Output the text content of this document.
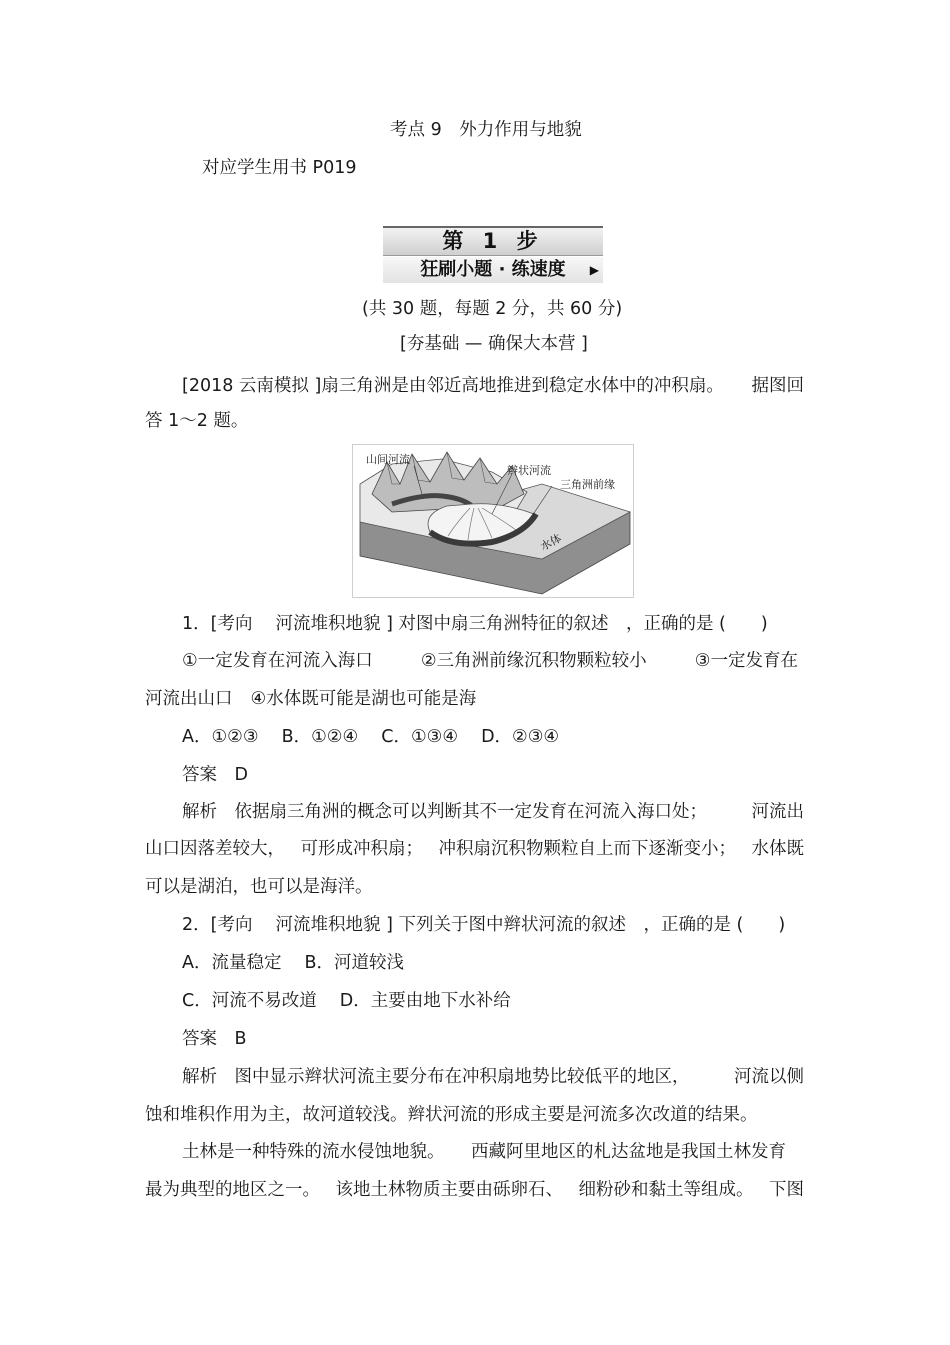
考点 9　外力作用与地貌
对应学生用书 P019
第 1 步
狂刷小题 · 练速度	▶
(共 30 题，每题 2 分，共 60 分)
[夯基础 — 确保大本营 ]
[2018 云南模拟 ]扇三角洲是由邻近高地推进到稳定水体中的冲积扇。 据图回
答 1～2 题。
山间河流
辫状河流
三角洲前缘
水体
1．[考向　 河流堆积地貌 ] 对图中扇三角洲特征的叙述　，正确的是 (　　)
①一定发育在河流入海口	②三角洲前缘沉积物颗粒较小	③一定发育在
河流出山口 ④水体既可能是湖也可能是海
A．①②③　 B．①②④　 C．①③④　 D．②③④
答案　D
解析　依据扇三角洲的概念可以判断其不一定发育在河流入海口处；	河流出
山口因落差较大， 可形成冲积扇； 冲积扇沉积物颗粒自上而下逐渐变小； 水体既
可以是湖泊，也可以是海洋。
2．[考向　 河流堆积地貌 ] 下列关于图中辫状河流的叙述　，正确的是 (　　)
A．流量稳定　 B．河道较浅
C．河流不易改道　 D．主要由地下水补给
答案　B
解析　图中显示辫状河流主要分布在冲积扇地势比较低平的地区，	河流以侧
蚀和堆积作用为主，故河道较浅。辫状河流的形成主要是河流多次改道的结果。
土林是一种特殊的流水侵蚀地貌。 西藏阿里地区的札达盆地是我国土林发育
最为典型的地区之一。 该地土林物质主要由砾卵石、 细粉砂和黏土等组成。 下图
